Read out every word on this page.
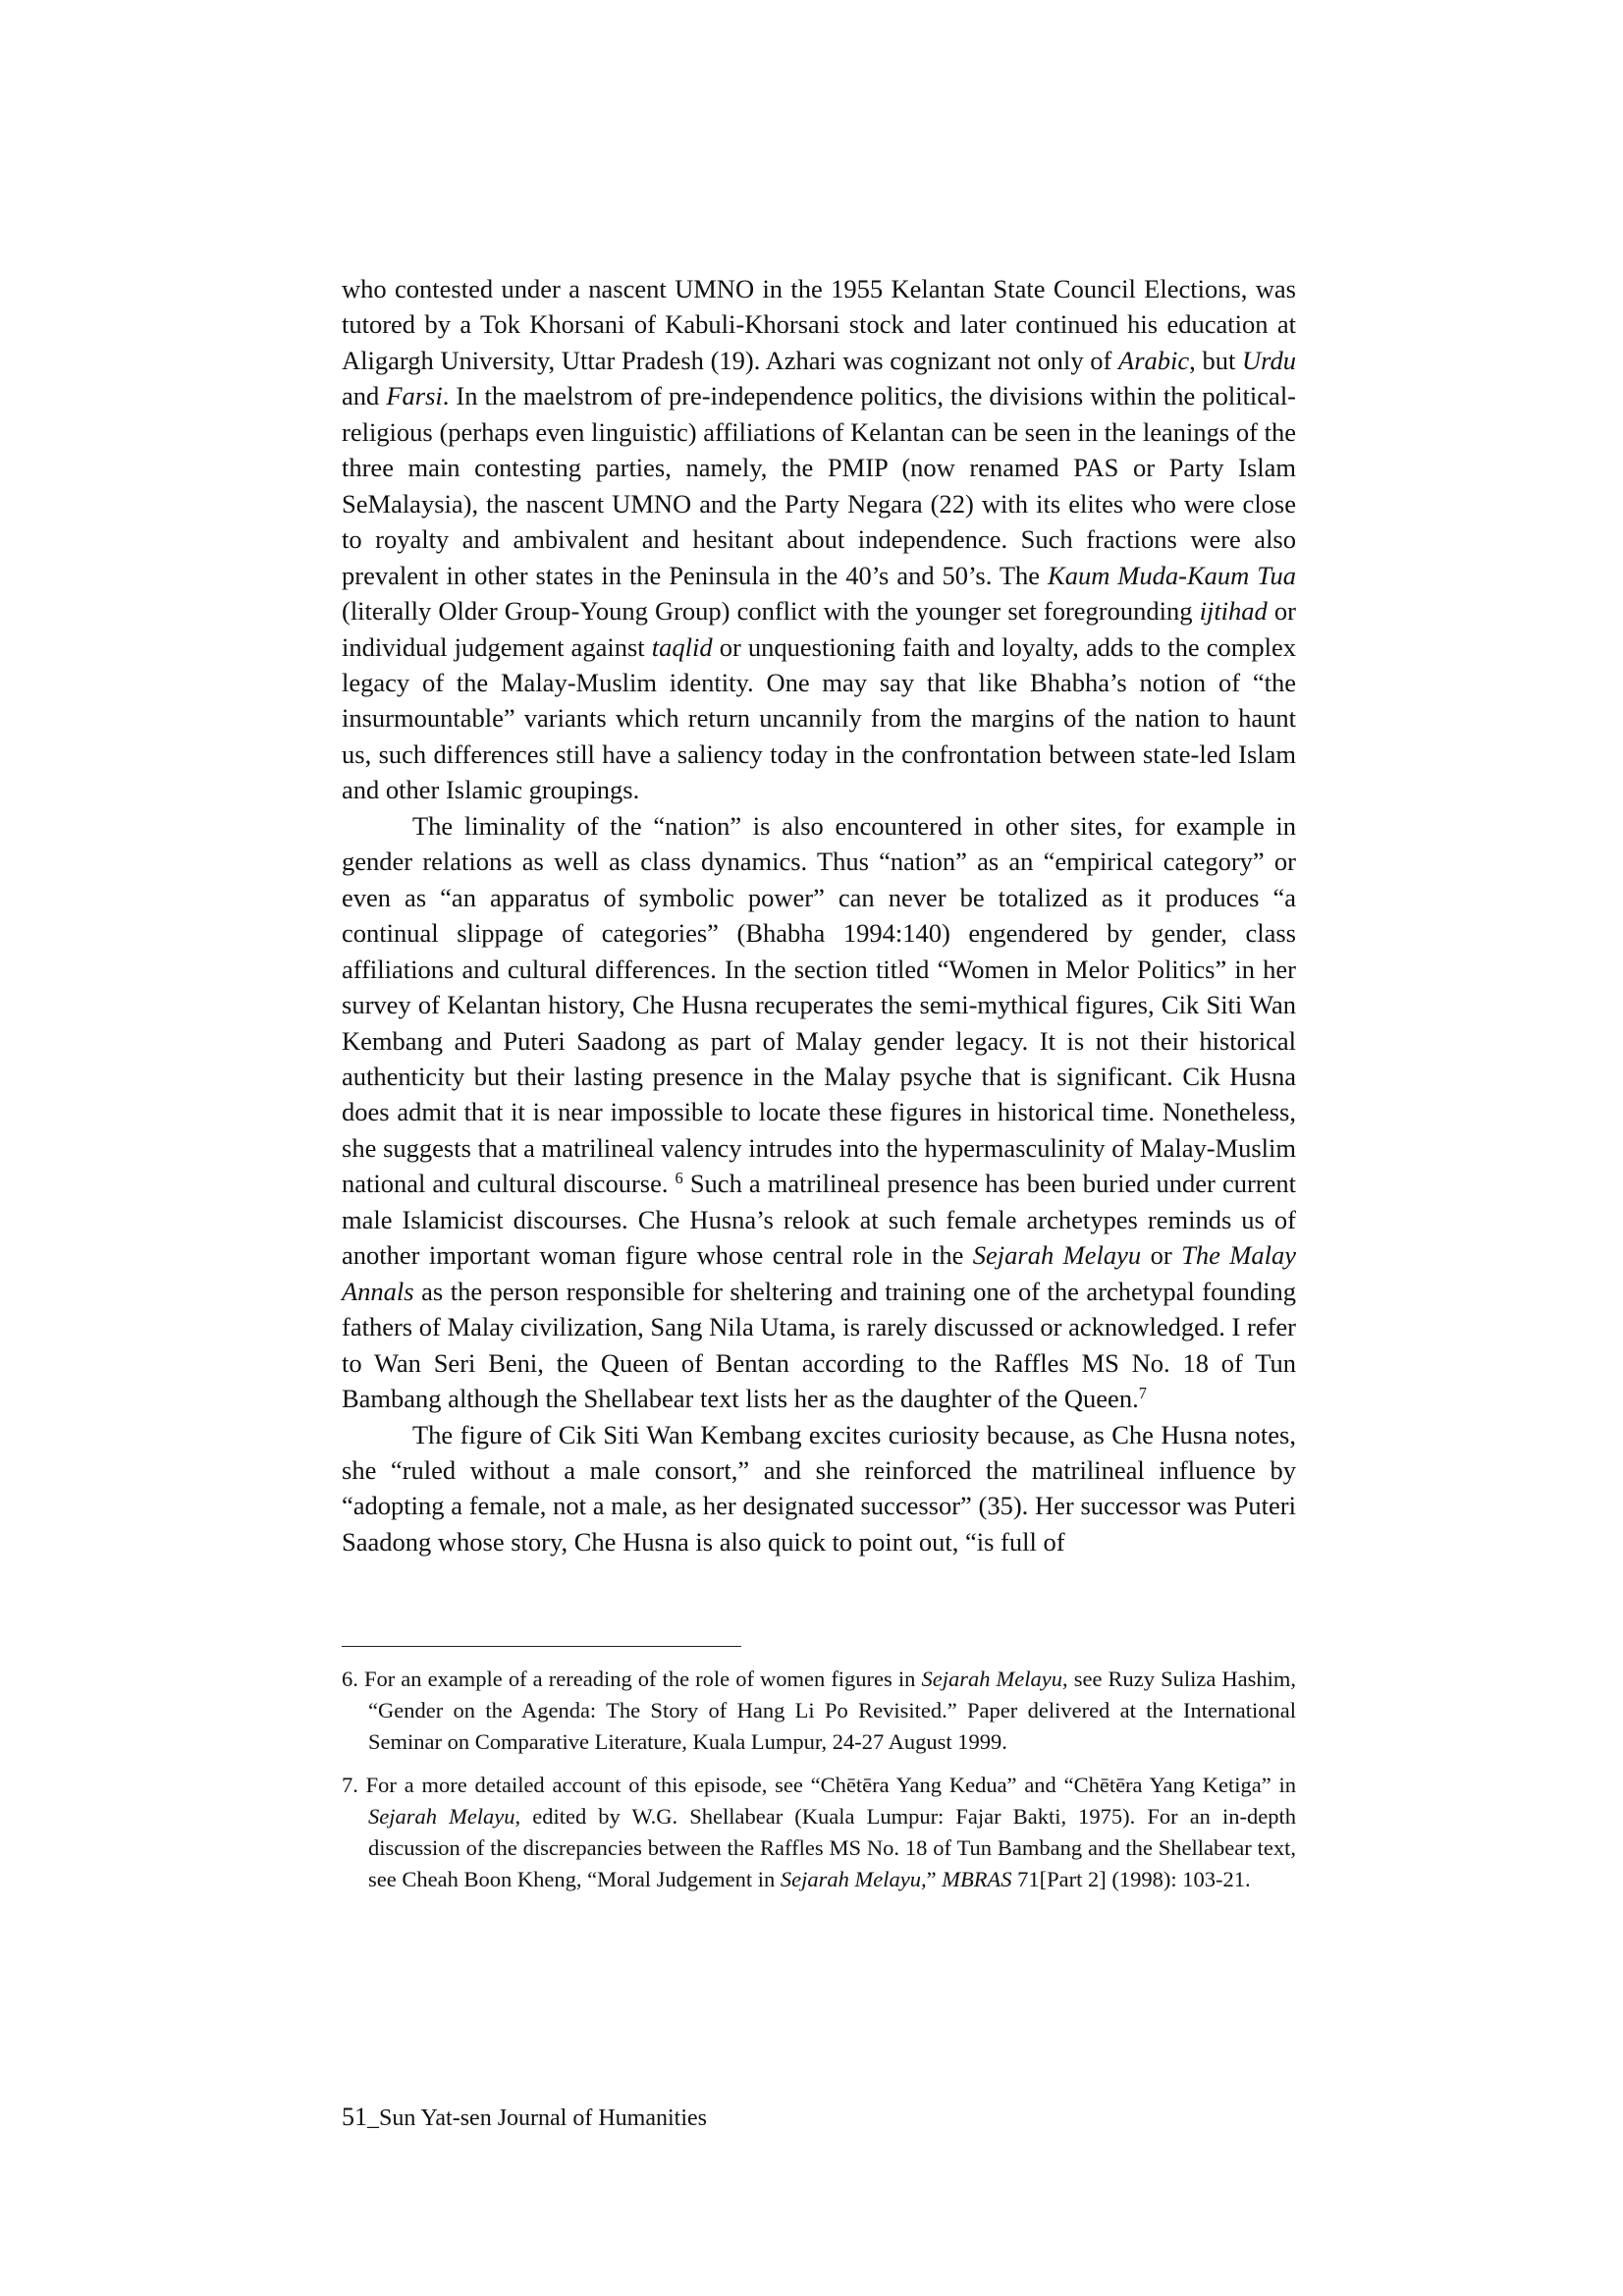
who contested under a nascent UMNO in the 1955 Kelantan State Council Elections, was tutored by a Tok Khorsani of Kabuli-Khorsani stock and later continued his education at Aligargh University, Uttar Pradesh (19). Azhari was cognizant not only of Arabic, but Urdu and Farsi. In the maelstrom of pre-independence politics, the divisions within the political-religious (perhaps even linguistic) affiliations of Kelantan can be seen in the leanings of the three main contesting parties, namely, the PMIP (now renamed PAS or Party Islam SeMalaysia), the nascent UMNO and the Party Negara (22) with its elites who were close to royalty and ambivalent and hesitant about independence. Such fractions were also prevalent in other states in the Peninsula in the 40’s and 50’s. The Kaum Muda-Kaum Tua (literally Older Group-Young Group) conflict with the younger set foregrounding ijtihad or individual judgement against taqlid or unquestioning faith and loyalty, adds to the complex legacy of the Malay-Muslim identity. One may say that like Bhabha’s notion of “the insurmountable” variants which return uncannily from the margins of the nation to haunt us, such differences still have a saliency today in the confrontation between state-led Islam and other Islamic groupings.

The liminality of the “nation” is also encountered in other sites, for example in gender relations as well as class dynamics. Thus “nation” as an “empirical category” or even as “an apparatus of symbolic power” can never be totalized as it produces “a continual slippage of categories” (Bhabha 1994:140) engendered by gender, class affiliations and cultural differences. In the section titled “Women in Melor Politics” in her survey of Kelantan history, Che Husna recuperates the semi-mythical figures, Cik Siti Wan Kembang and Puteri Saadong as part of Malay gender legacy. It is not their historical authenticity but their lasting presence in the Malay psyche that is significant. Cik Husna does admit that it is near impossible to locate these figures in historical time. Nonetheless, she suggests that a matrilineal valency intrudes into the hypermasculinity of Malay-Muslim national and cultural discourse. $^6$ Such a matrilineal presence has been buried under current male Islamicist discourses. Che Husna’s relook at such female archetypes reminds us of another important woman figure whose central role in the Sejarah Melayu or The Malay Annals as the person responsible for sheltering and training one of the archetypal founding fathers of Malay civilization, Sang Nila Utama, is rarely discussed or acknowledged. I refer to Wan Seri Beni, the Queen of Bentan according to the Raffles MS No. 18 of Tun Bambang although the Shellabear text lists her as the daughter of the Queen.$^7$

The figure of Cik Siti Wan Kembang excites curiosity because, as Che Husna notes, she “ruled without a male consort,” and she reinforced the matrilineal influence by “adopting a female, not a male, as her designated successor” (35). Her successor was Puteri Saadong whose story, Che Husna is also quick to point out, “is full of

6. For an example of a rereading of the role of women figures in Sejarah Melayu, see Ruzy Suliza Hashim, “Gender on the Agenda: The Story of Hang Li Po Revisited.” Paper delivered at the International Seminar on Comparative Literature, Kuala Lumpur, 24-27 August 1999.

7. For a more detailed account of this episode, see “Chētēra Yang Kedua” and “Chētēra Yang Ketiga” in Sejarah Melayu, edited by W.G. Shellabear (Kuala Lumpur: Fajar Bakti, 1975). For an in-depth discussion of the discrepancies between the Raffles MS No. 18 of Tun Bambang and the Shellabear text, see Cheah Boon Kheng, “Moral Judgement in Sejarah Melayu,” MBRAS 71[Part 2] (1998): 103-21.

51_Sun Yat-sen Journal of Humanities
